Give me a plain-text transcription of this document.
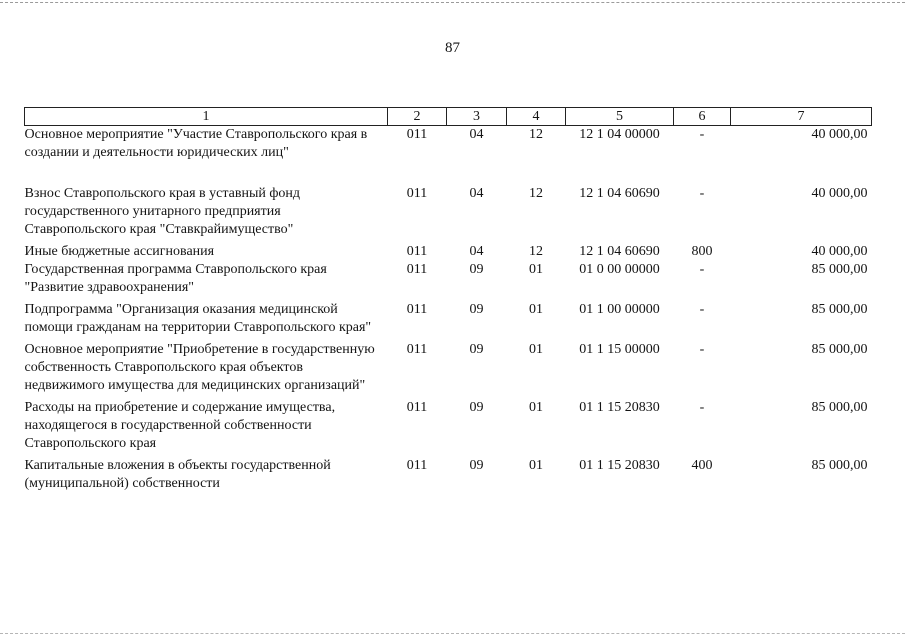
87
1	2	3	4	5	6	7
Основное мероприятие "Участие Ставропольского края в создании и деятельности юридических лиц"	011	04	12	12 1 04 00000	-	40 000,00
Взнос Ставропольского края в уставный фонд государственного унитарного предприятия Ставропольского края "Ставкрайимущество"	011	04	12	12 1 04 60690	-	40 000,00
Иные бюджетные ассигнования	011	04	12	12 1 04 60690	800	40 000,00
Государственная программа Ставропольского края "Развитие здравоохранения"	011	09	01	01 0 00 00000	-	85 000,00
Подпрограмма "Организация оказания медицинской помощи гражданам на территории Ставропольского края"	011	09	01	01 1 00 00000	-	85 000,00
Основное мероприятие "Приобретение в государственную собственность Ставропольского края объектов недвижимого имущества для медицинских организаций"	011	09	01	01 1 15 00000	-	85 000,00
Расходы на приобретение и содержание имущества, находящегося в государственной собственности Ставропольского края	011	09	01	01 1 15 20830	-	85 000,00
Капитальные вложения в объекты государственной (муниципальной) собственности	011	09	01	01 1 15 20830	400	85 000,00
